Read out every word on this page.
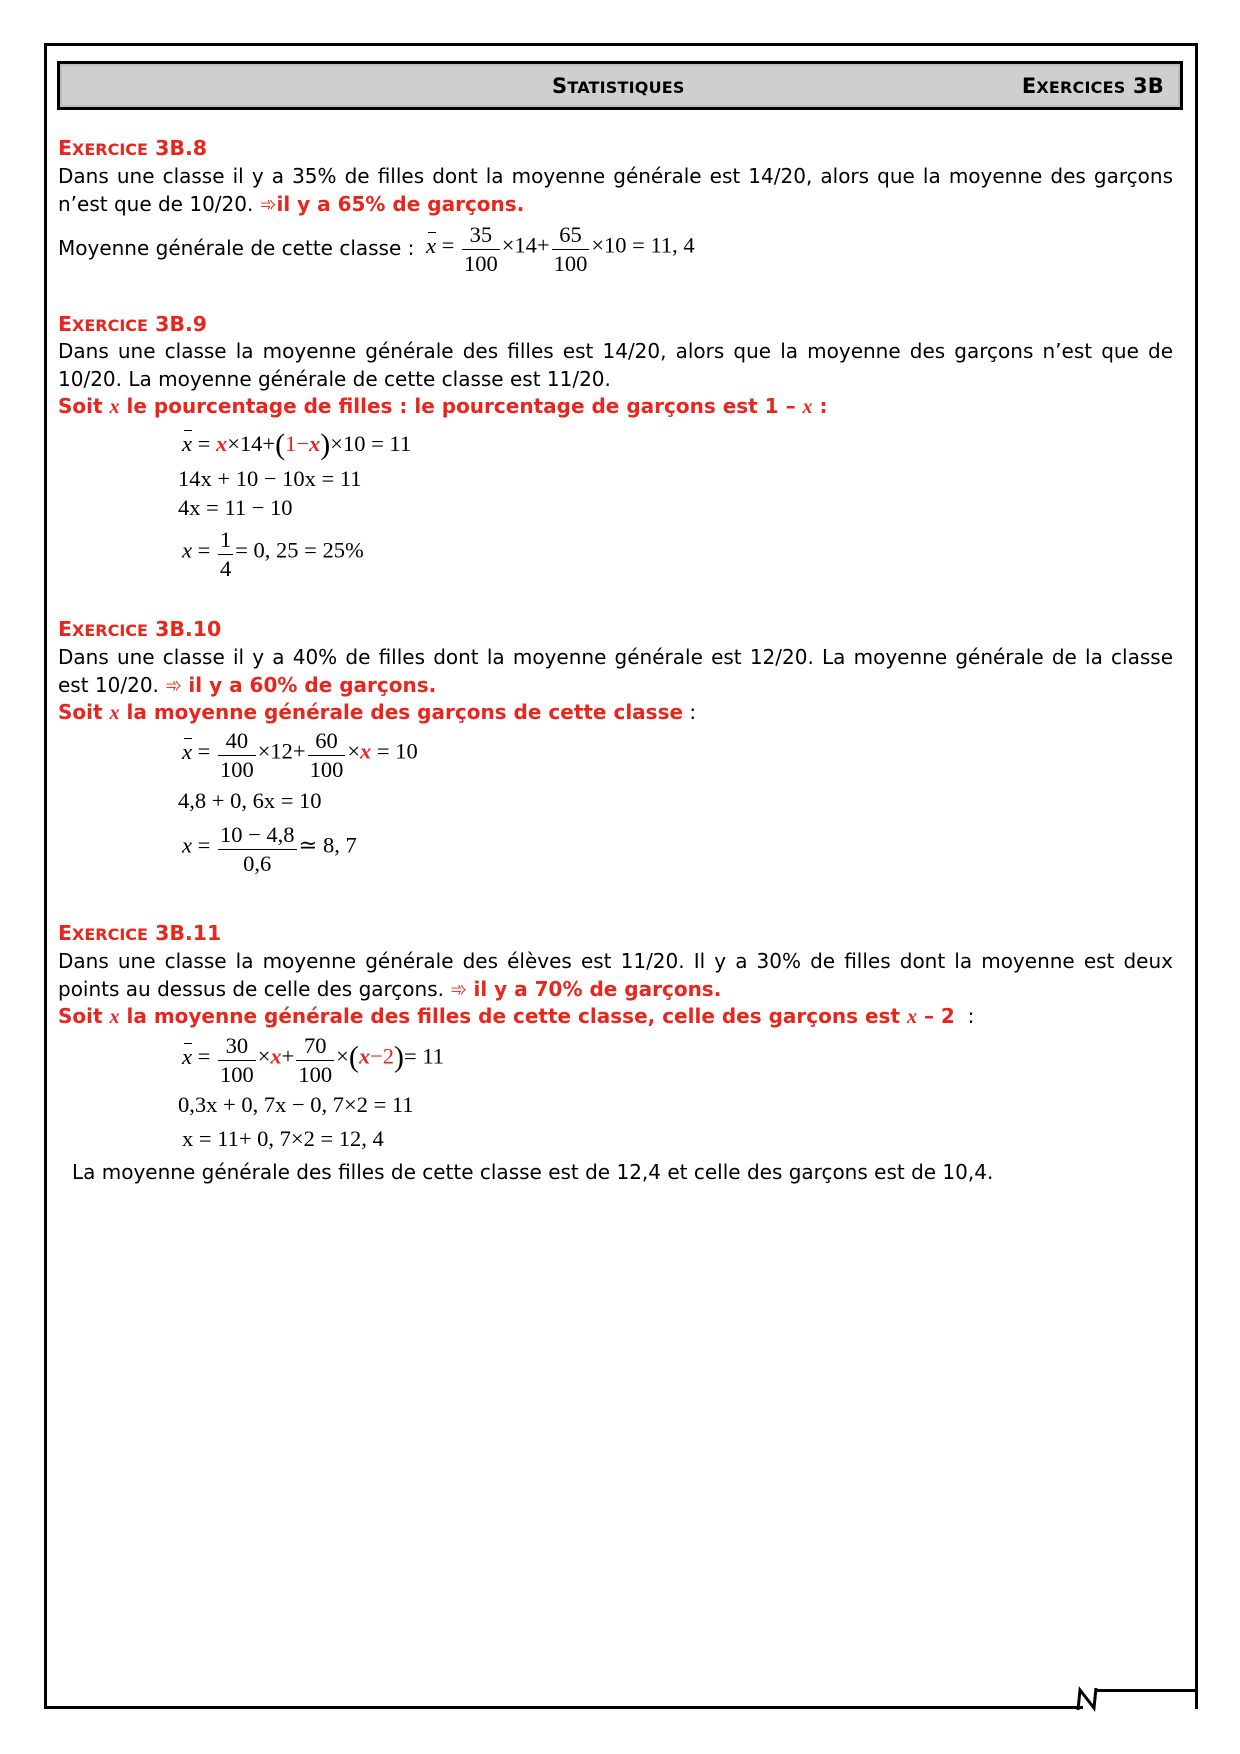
STATISTIQUES	EXERCICES 3B
EXERCICE 3B.8
Dans une classe il y a 35% de filles dont la moyenne générale est 14/20, alors que la moyenne des garçons n’est que de 10/20. ➾il y a 65% de garçons.
Moyenne générale de cette classe : $x = \frac{35}{100} \times 14+ \frac{65}{100} \times 10 = 11$, 4
EXERCICE 3B.9
Dans une classe la moyenne générale des filles est 14/20, alors que la moyenne des garçons n’est que de 10/20. La moyenne générale de cette classe est 11/20.
Soit x le pourcentage de filles : le pourcentage de garçons est 1 – x :
x = x×14+(1−x)×10 = 11
14x + 10 − 10x = 11
4x = 11 − 10
$x = \frac{1}{4} = 0$, 25 = 25%
EXERCICE 3B.10
Dans une classe il y a 40% de filles dont la moyenne générale est 12/20. La moyenne générale de la classe est 10/20. ➾ il y a 60% de garçons.
Soit x la moyenne générale des garçons de cette classe :
$x = \frac{40}{100} \times 12+ \frac{60}{100} \times x = 10$
4,8 + 0, 6x = 10
$x = \frac{10 - 4,8}{0,6}$ ≃ 8, 7
EXERCICE 3B.11
Dans une classe la moyenne générale des élèves est 11/20. Il y a 30% de filles dont la moyenne est deux points au dessus de celle des garçons. ➾ il y a 70% de garçons.
Soit x la moyenne générale des filles de cette classe, celle des garçons est x – 2 :
$x = \frac{30}{100} \times x+ \frac{70}{100} \times(x-2)= 11$
0,3x + 0, 7x − 0, 7×2 = 11
x = 11+ 0, 7×2 = 12, 4
La moyenne générale des filles de cette classe est de 12,4 et celle des garçons est de 10,4.
